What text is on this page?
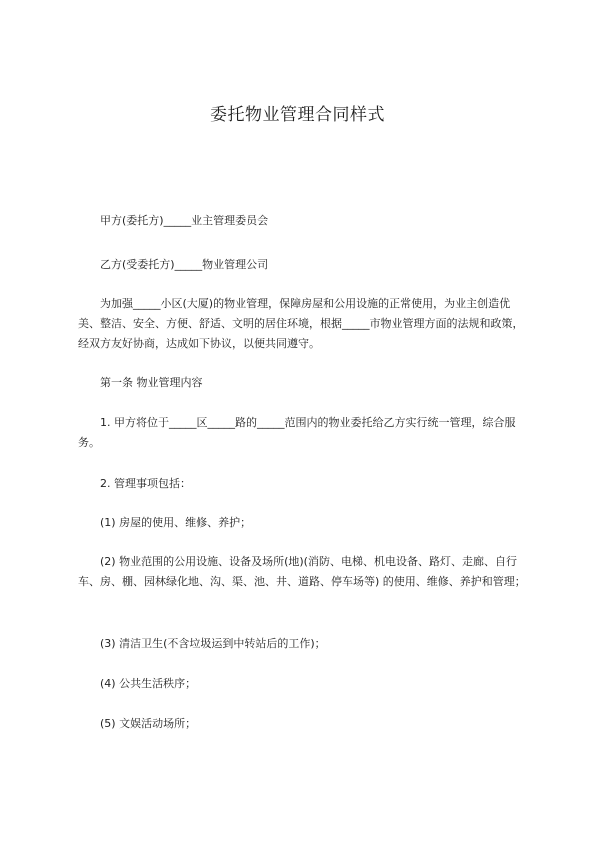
委托物业管理合同样式

甲方(委托方)_____业主管理委员会

乙方(受委托方)_____物业管理公司

为加强_____小区(大厦)的物业管理，保障房屋和公用设施的正常使用，为业主创造优美、整洁、安全、方便、舒适、文明的居住环境，根据_____市物业管理方面的法规和政策，经双方友好协商，达成如下协议，以便共同遵守。

第一条 物业管理内容

1. 甲方将位于_____区_____路的_____范围内的物业委托给乙方实行统一管理，综合服务。

2. 管理事项包括：

(1) 房屋的使用、维修、养护；

(2) 物业范围的公用设施、设备及场所(地)(消防、电梯、机电设备、路灯、走廊、自行车、房、棚、园林绿化地、沟、渠、池、井、道路、停车场等) 的使用、维修、养护和管理；

(3) 清洁卫生(不含垃圾运到中转站后的工作)；

(4) 公共生活秩序；

(5) 文娱活动场所；
